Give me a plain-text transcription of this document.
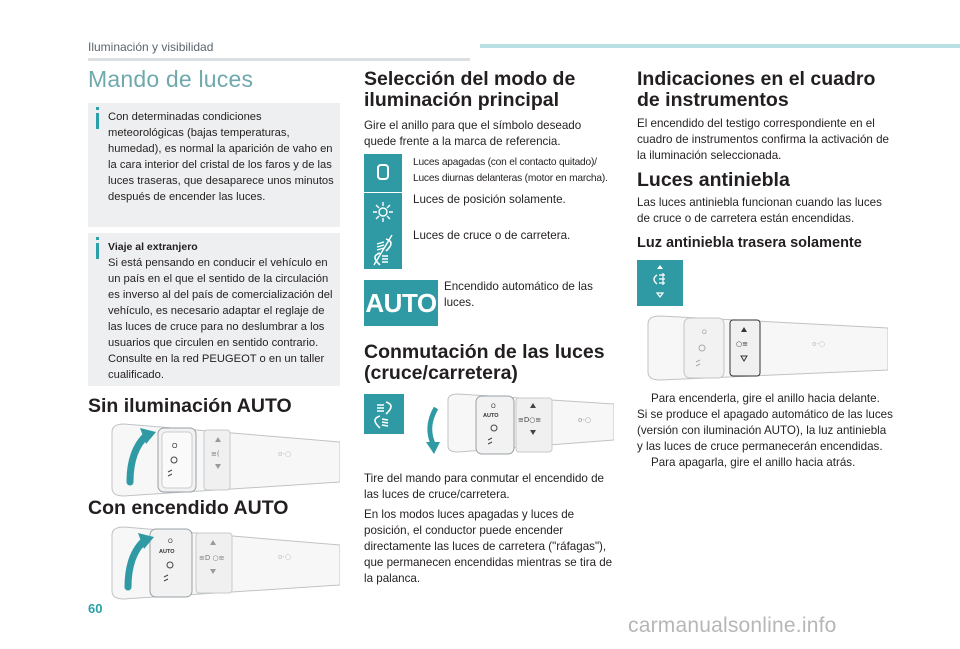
Iluminación y visibilidad
Mando de luces
Con determinadas condiciones meteorológicas (bajas temperaturas, humedad), es normal la aparición de vaho en la cara interior del cristal de los faros y de las luces traseras, que desaparece unos minutos después de encender las luces.
Viaje al extranjero
Si está pensando en conducir el vehículo en un país en el que el sentido de la circulación es inverso al del país de comercialización del vehículo, es necesario adaptar el reglaje de las luces de cruce para no deslumbrar a los usuarios que circulen en sentido contrario. Consulte en la red PEUGEOT o en un taller cualificado.
Sin iluminación AUTO
O
≡(	o-○
Con encendido AUTO
O
AUTO
≡D ○≡	o-○
Selección del modo de
iluminación principal
Gire el anillo para que el símbolo deseado quede frente a la marca de referencia.
Luces apagadas (con el contacto quitado)/ Luces diurnas delanteras (motor en marcha).
Luces de posición solamente.
Luces de cruce o de carretera.
AUTO
Encendido automático de las luces.
Conmutación de las luces
(cruce/carretera)
O
AUTO	≡D○≡	o-○
Tire del mando para conmutar el encendido de las luces de cruce/carretera.
En los modos luces apagadas y luces de posición, el conductor puede encender directamente las luces de carretera ("ráfagas"), que permanecen encendidas mientras se tira de la palanca.
Indicaciones en el cuadro
de instrumentos
El encendido del testigo correspondiente en el cuadro de instrumentos confirma la activación de la iluminación seleccionada.
Luces antiniebla
Las luces antiniebla funcionan cuando las luces de cruce o de carretera están encendidas.
Luz antiniebla trasera solamente
O
○≡	o-○
Para encenderla, gire el anillo hacia delante.
Si se produce el apagado automático de las luces (versión con iluminación AUTO), la luz antiniebla y las luces de cruce permanecerán encendidas.
Para apagarla, gire el anillo hacia atrás.
60
carmanualsonline.info
